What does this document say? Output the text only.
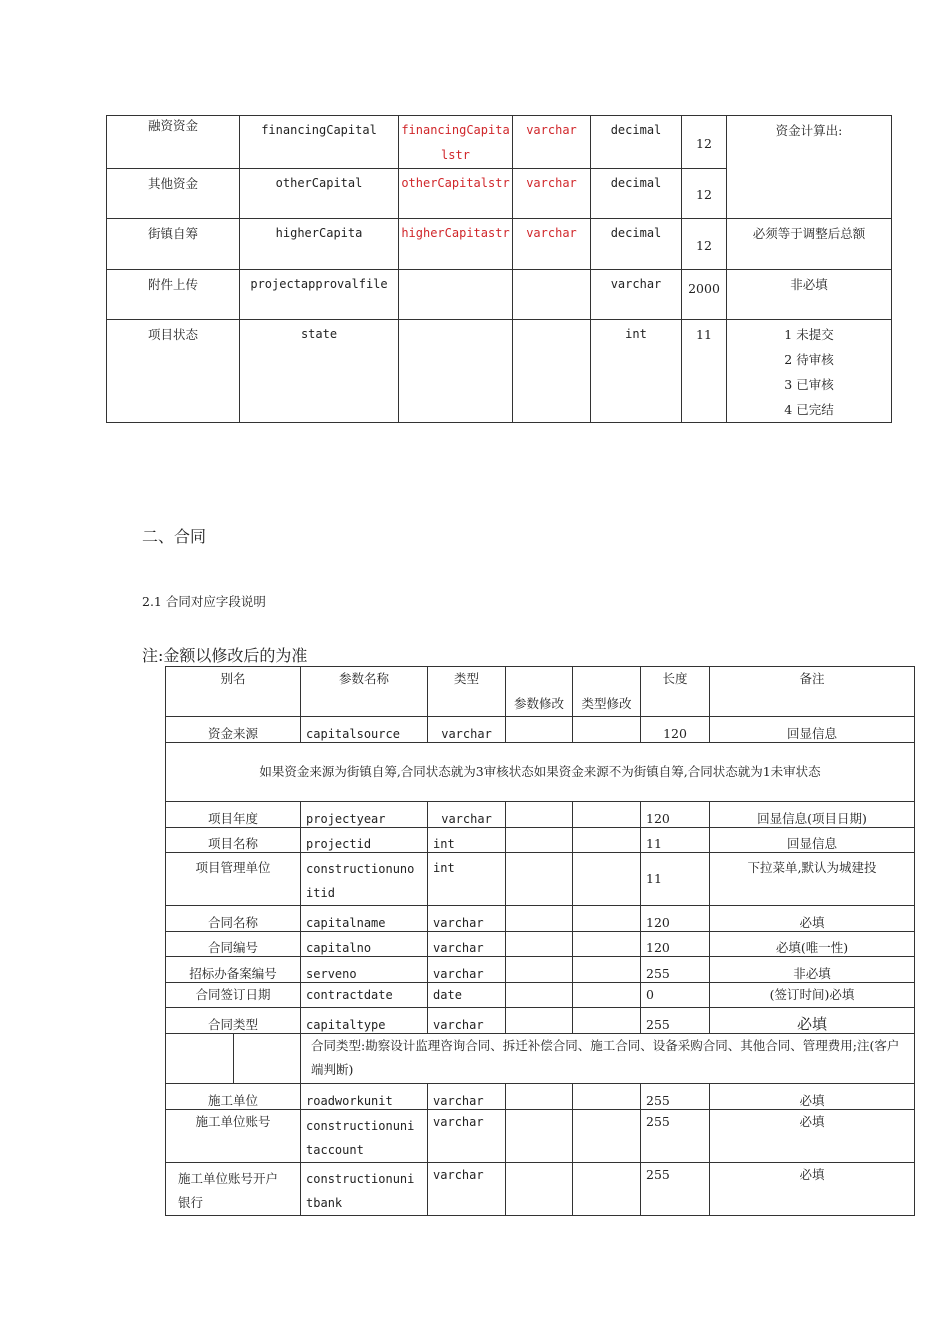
融资资金	financingCapital	financingCapitalstr	varchar	decimal	12	资金计算出:
其他资金	otherCapital	otherCapitalstr	varchar	decimal	12	
街镇自筹	higherCapita	higherCapitastr	varchar	decimal	12	必须等于调整后总额
附件上传	projectapprovalfile			varchar	2000	非必填
项目状态	state			int	11	1 未提交
2 待审核
3 已审核
4 已完结
二、合同
2.1 合同对应字段说明
注:金额以修改后的为准
别名		参数名称	类型	参数修改	类型修改	长度	备注
资金来源		capitalsource	varchar			120	回显信息
如果资金来源为街镇自筹,合同状态就为3审核状态如果资金来源不为街镇自筹,合同状态就为1未审状态							
项目年度		projectyear	varchar			120	回显信息(项目日期)
项目名称		projectid	int			11	回显信息
项目管理单位		constructionunoitid	int			11	下拉菜单,默认为城建投
合同名称		capitalname	varchar			120	必填
合同编号		capitalno	varchar			120	必填(唯一性)
招标办备案编号		serveno	varchar			255	非必填
合同签订日期		contractdate	date			0	(签订时间)必填
合同类型		capitaltype	varchar			255	必填
		合同类型:勘察设计监理咨询合同、拆迁补偿合同、施工合同、设备采购合同、其他合同、管理费用;注(客户端判断)					
施工单位		roadworkunit	varchar			255	必填
施工单位账号		constructionunitaccount	varchar			255	必填
施工单位账号开户银行		constructionunitbank	varchar			255	必填
